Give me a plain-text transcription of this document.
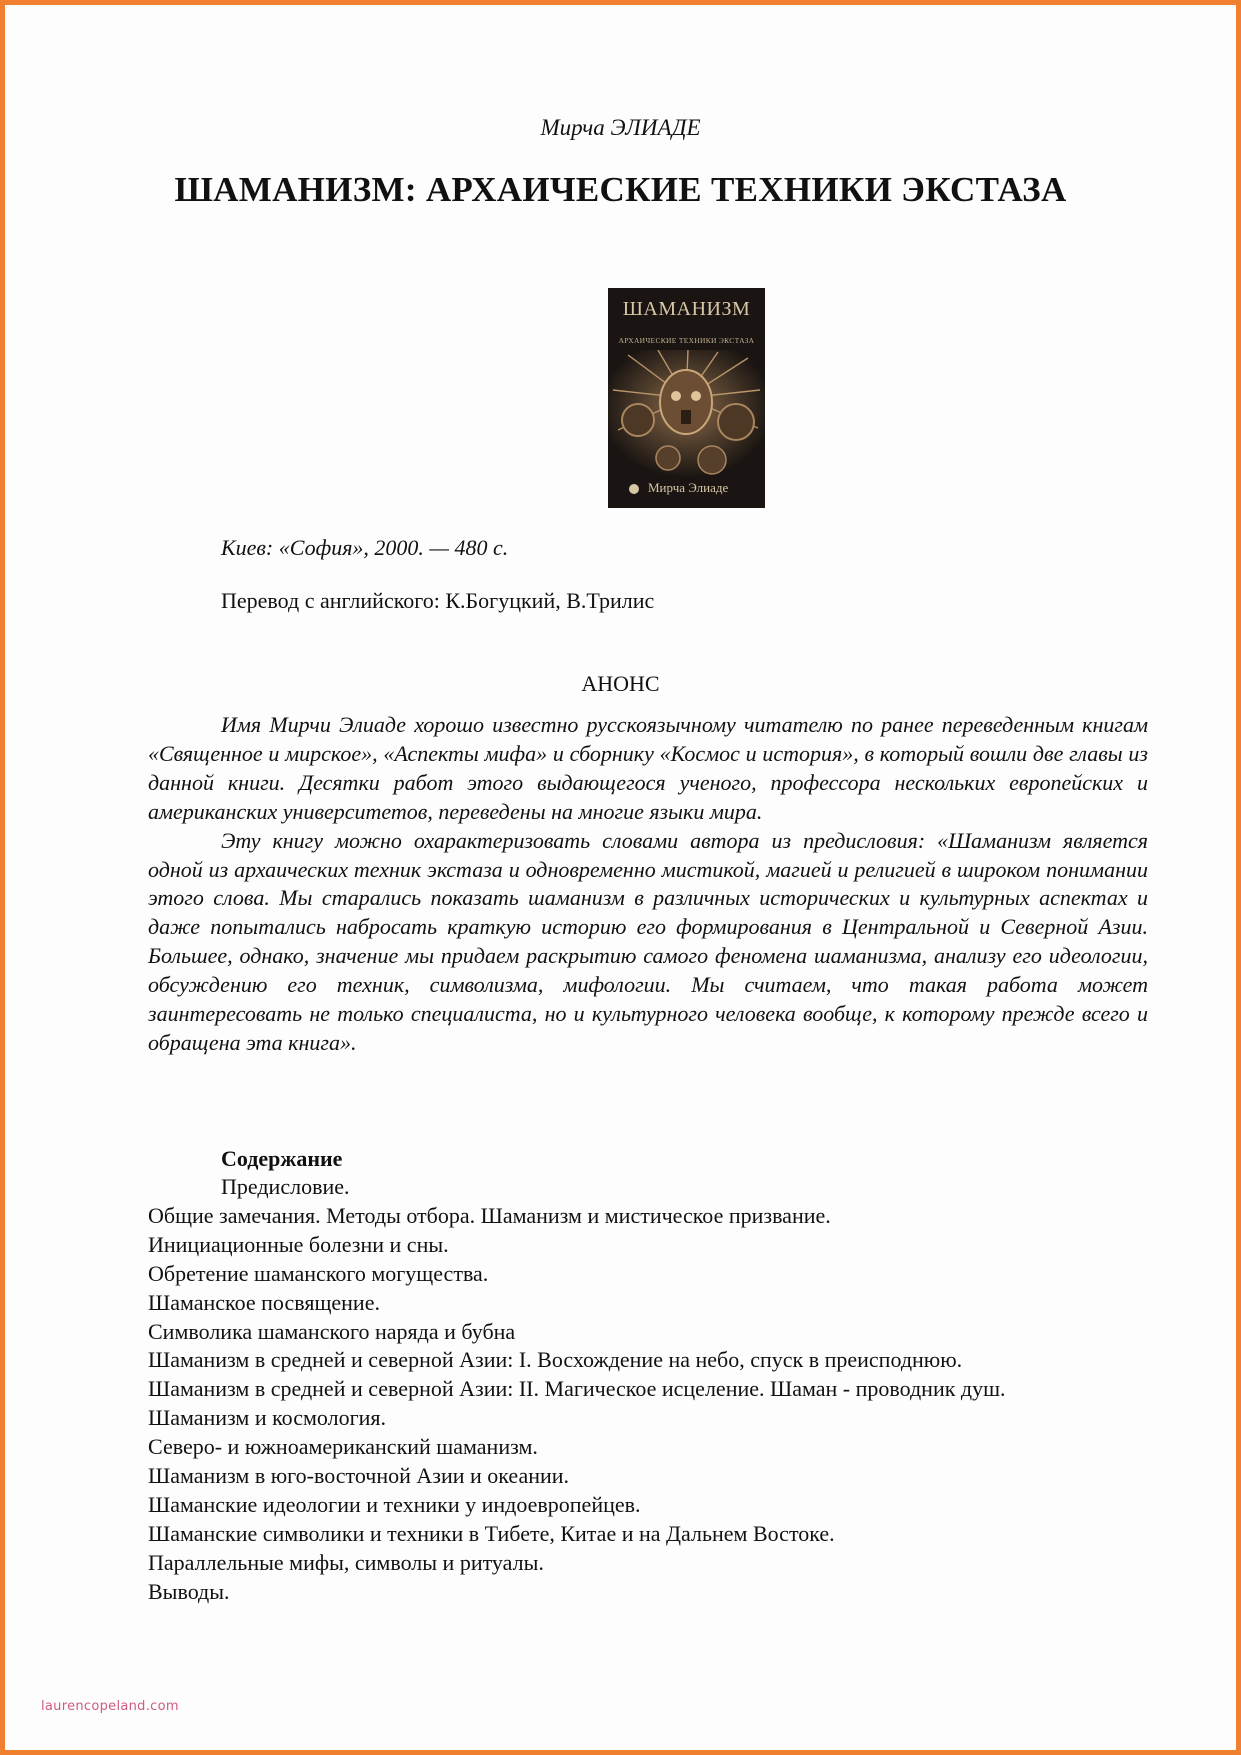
Мирча ЭЛИАДЕ
ШАМАНИЗМ: АРХАИЧЕСКИЕ ТЕХНИКИ ЭКСТАЗА
ШАМАНИЗМ
АРХАИЧЕСКИЕ ТЕХНИКИ ЭКСТАЗА
Мирча Элиаде
Киев: «София», 2000. — 480 с.
Перевод с английского: К.Богуцкий, В.Трилис
АНОНС

Имя Мирчи Элиаде хорошо известно русскоязычному читателю по ранее переведенным книгам «Священное и мирское», «Аспекты мифа» и сборнику «Космос и история», в который вошли две главы из данной книги. Десятки работ этого выдающегося ученого, профессора нескольких европейских и американских университетов, переведены на многие языки мира.

Эту книгу можно охарактеризовать словами автора из предисловия: «Шаманизм является одной из архаических техник экстаза и одновременно мистикой, магией и религией в широком понимании этого слова. Мы старались показать шаманизм в различных исторических и культурных аспектах и даже попытались набросать краткую историю его формирования в Центральной и Северной Азии. Большее, однако, значение мы придаем раскрытию самого феномена шаманизма, анализу его идеологии, обсуждению его техник, символизма, мифологии. Мы считаем, что такая работа может заинтересовать не только специалиста, но и культурного человека вообще, к которому прежде всего и обращена эта книга».

Содержание
Предисловие.
Общие замечания. Методы отбора. Шаманизм и мистическое призвание.
Инициационные болезни и сны.
Обретение шаманского могущества.
Шаманское посвящение.
Символика шаманского наряда и бубна
Шаманизм в средней и северной Азии: I. Восхождение на небо, спуск в преисподнюю.
Шаманизм в средней и северной Азии: II. Магическое исцеление. Шаман - проводник душ.
Шаманизм и космология.
Северо- и южноамериканский шаманизм.
Шаманизм в юго-восточной Азии и океании.
Шаманские идеологии и техники у индоевропейцев.
Шаманские символики и техники в Тибете, Китае и на Дальнем Востоке.
Параллельные мифы, символы и ритуалы.
Выводы.
laurencopeland.com
